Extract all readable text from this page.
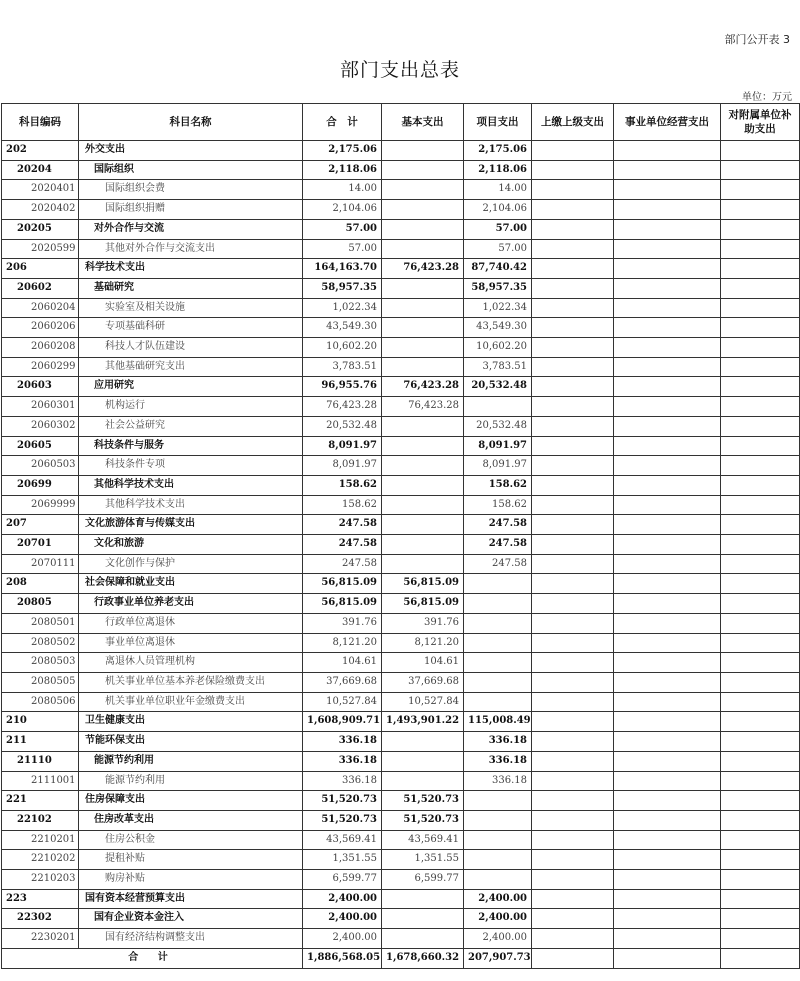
部门公开表 3
部门支出总表
单位：万元
科目编码	科目名称	合　计	基本支出	项目支出	上缴上级支出	事业单位经营支出	对附属单位补助支出
202	外交支出	2,175.06		2,175.06			
20204	国际组织	2,118.06		2,118.06			
2020401	国际组织会费	14.00		14.00			
2020402	国际组织捐赠	2,104.06		2,104.06			
20205	对外合作与交流	57.00		57.00			
2020599	其他对外合作与交流支出	57.00		57.00			
206	科学技术支出	164,163.70	76,423.28	87,740.42			
20602	基础研究	58,957.35		58,957.35			
2060204	实验室及相关设施	1,022.34		1,022.34			
2060206	专项基础科研	43,549.30		43,549.30			
2060208	科技人才队伍建设	10,602.20		10,602.20			
2060299	其他基础研究支出	3,783.51		3,783.51			
20603	应用研究	96,955.76	76,423.28	20,532.48			
2060301	机构运行	76,423.28	76,423.28				
2060302	社会公益研究	20,532.48		20,532.48			
20605	科技条件与服务	8,091.97		8,091.97			
2060503	科技条件专项	8,091.97		8,091.97			
20699	其他科学技术支出	158.62		158.62			
2069999	其他科学技术支出	158.62		158.62			
207	文化旅游体育与传媒支出	247.58		247.58			
20701	文化和旅游	247.58		247.58			
2070111	文化创作与保护	247.58		247.58			
208	社会保障和就业支出	56,815.09	56,815.09				
20805	行政事业单位养老支出	56,815.09	56,815.09				
2080501	行政单位离退休	391.76	391.76				
2080502	事业单位离退休	8,121.20	8,121.20				
2080503	离退休人员管理机构	104.61	104.61				
2080505	机关事业单位基本养老保险缴费支出	37,669.68	37,669.68				
2080506	机关事业单位职业年金缴费支出	10,527.84	10,527.84				
210	卫生健康支出	1,608,909.71	1,493,901.22	115,008.49			
211	节能环保支出	336.18		336.18			
21110	能源节约利用	336.18		336.18			
2111001	能源节约利用	336.18		336.18			
221	住房保障支出	51,520.73	51,520.73				
22102	住房改革支出	51,520.73	51,520.73				
2210201	住房公积金	43,569.41	43,569.41				
2210202	提租补贴	1,351.55	1,351.55				
2210203	购房补贴	6,599.77	6,599.77				
223	国有资本经营预算支出	2,400.00		2,400.00			
22302	国有企业资本金注入	2,400.00		2,400.00			
2230201	国有经济结构调整支出	2,400.00		2,400.00			
合 计		1,886,568.05	1,678,660.32	207,907.73			
